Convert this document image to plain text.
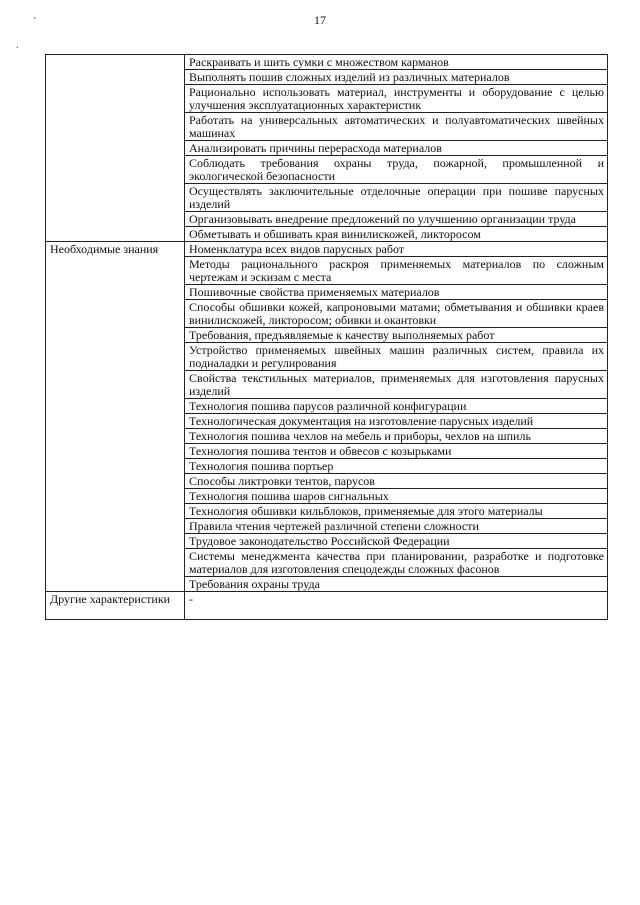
17
'
.
	Раскраивать и шить сумки с множеством карманов
	Выполнять пошив сложных изделий из различных материалов
	Рационально использовать материал, инструменты и оборудование с целью улучшения эксплуатационных характеристик
	Работать на универсальных автоматических и полуавтоматических швейных машинах
	Анализировать причины перерасхода материалов
	Соблюдать требования охраны труда, пожарной, промышленной и экологической безопасности
	Осуществлять заключительные отделочные операции при пошиве парусных изделий
	Организовывать внедрение предложений по улучшению организации труда
	Обметывать и обшивать края винилискожей, ликторосом
Необходимые знания	Номенклатура всех видов парусных работ
	Методы рационального раскроя применяемых материалов по сложным чертежам и эскизам с места
	Пошивочные свойства применяемых материалов
	Способы обшивки кожей, капроновыми матами; обметывания и обшивки краев винилискожей, ликторосом; обивки и окантовки
	Требования, предъявляемые к качеству выполняемых работ
	Устройство применяемых швейных машин различных систем, правила их подналадки и регулирования
	Свойства текстильных материалов, применяемых для изготовления парусных изделий
	Технология пошива парусов различной конфигурации
	Технологическая документация на изготовление парусных изделий
	Технология пошива чехлов на мебель и приборы, чехлов на шпиль
	Технология пошива тентов и обвесов с козырьками
	Технология пошива портьер
	Способы ликтровки тентов, парусов
	Технология пошива шаров сигнальных
	Технология обшивки кильблоков, применяемые для этого материалы
	Правила чтения чертежей различной степени сложности
	Трудовое законодательство Российской Федерации
	Системы менеджмента качества при планировании, разработке и подготовке материалов для изготовления спецодежды сложных фасонов
	Требования охраны труда
Другие характеристики	-
